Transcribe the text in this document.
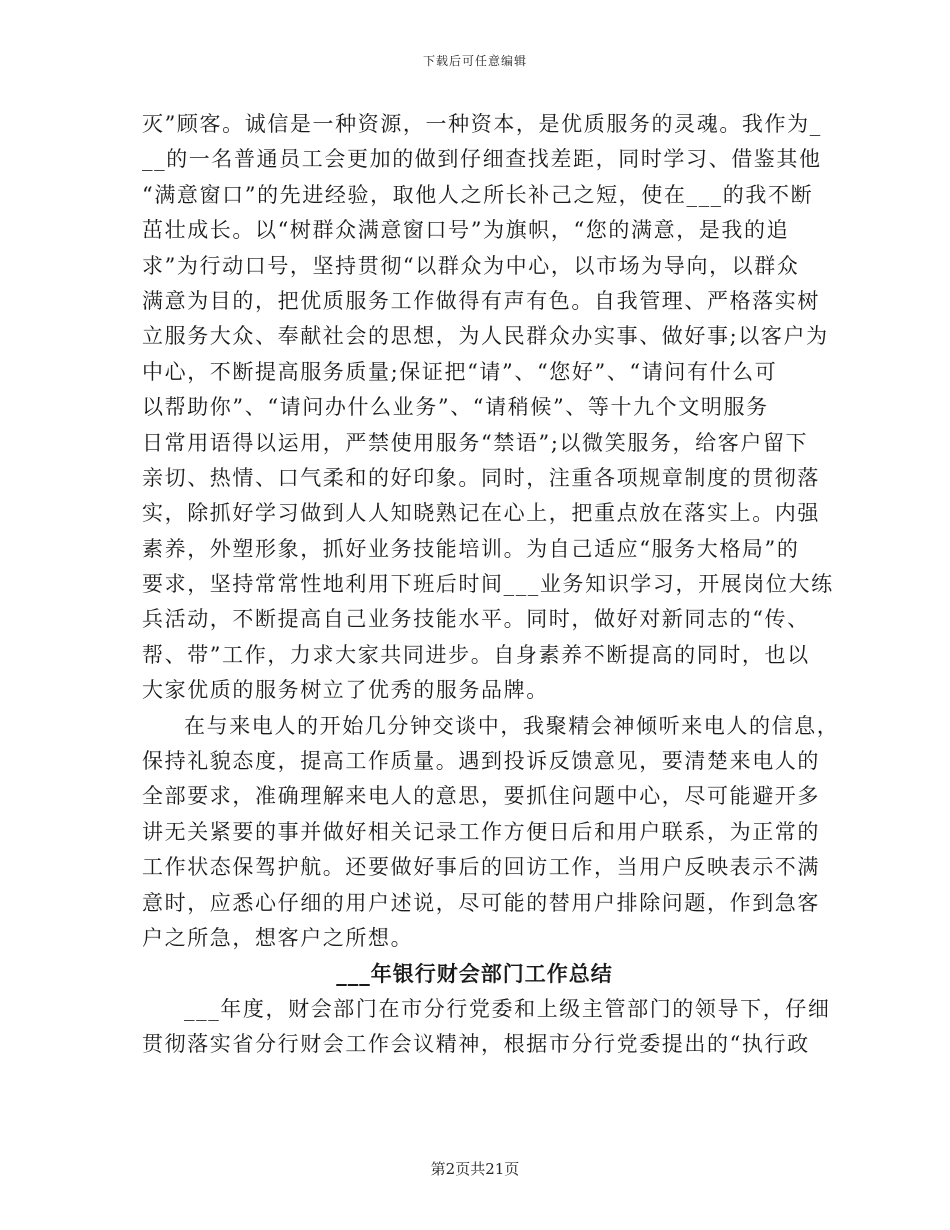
下载后可任意编辑
灭”顾客。诚信是一种资源，一种资本，是优质服务的灵魂。我作为_
__的一名普通员工会更加的做到仔细查找差距，同时学习、借鉴其他
“满意窗口”的先进经验，取他人之所长补己之短，使在___的我不断
茁壮成长。以“树群众满意窗口号”为旗帜，“您的满意，是我的追
求”为行动口号，坚持贯彻“以群众为中心，以市场为导向，以群众
满意为目的，把优质服务工作做得有声有色。自我管理、严格落实树
立服务大众、奉献社会的思想，为人民群众办实事、做好事;以客户为
中心，不断提高服务质量;保证把“请”、“您好”、“请问有什么可
以帮助你”、“请问办什么业务”、“请稍候”、等十九个文明服务
日常用语得以运用，严禁使用服务“禁语”;以微笑服务，给客户留下
亲切、热情、口气柔和的好印象。同时，注重各项规章制度的贯彻落
实，除抓好学习做到人人知晓熟记在心上，把重点放在落实上。内强
素养，外塑形象，抓好业务技能培训。为自己适应“服务大格局”的
要求，坚持常常性地利用下班后时间___业务知识学习，开展岗位大练
兵活动，不断提高自己业务技能水平。同时，做好对新同志的“传、
帮、带”工作，力求大家共同进步。自身素养不断提高的同时，也以
大家优质的服务树立了优秀的服务品牌。
在与来电人的开始几分钟交谈中，我聚精会神倾听来电人的信息，
保持礼貌态度，提高工作质量。遇到投诉反馈意见，要清楚来电人的
全部要求，准确理解来电人的意思，要抓住问题中心，尽可能避开多
讲无关紧要的事并做好相关记录工作方便日后和用户联系，为正常的
工作状态保驾护航。还要做好事后的回访工作，当用户反映表示不满
意时，应悉心仔细的用户述说，尽可能的替用户排除问题，作到急客
户之所急，想客户之所想。
___年银行财会部门工作总结
___年度，财会部门在市分行党委和上级主管部门的领导下，仔细
贯彻落实省分行财会工作会议精神，根据市分行党委提出的“执行政
第2页共21页
